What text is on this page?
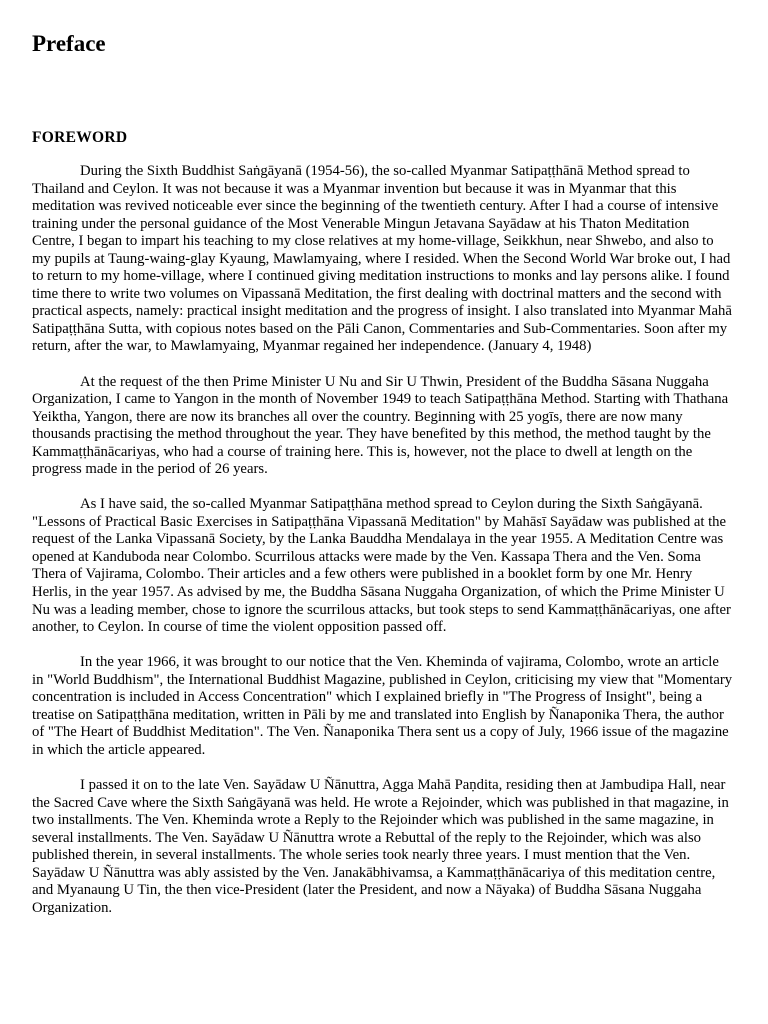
Preface
FOREWORD

During the Sixth Buddhist Saṅgāyanā (1954-56), the so-called Myanmar Satipaṭṭhānā Method spread to Thailand and Ceylon. It was not because it was a Myanmar invention but because it was in Myanmar that this meditation was revived noticeable ever since the beginning of the twentieth century. After I had a course of intensive training under the personal guidance of the Most Venerable Mingun Jetavana Sayādaw at his Thaton Meditation Centre, I began to impart his teaching to my close relatives at my home-village, Seikkhun, near Shwebo, and also to my pupils at Taung-waing-glay Kyaung, Mawlamyaing, where I resided. When the Second World War broke out, I had to return to my home-village, where I continued giving meditation instructions to monks and lay persons alike. I found time there to write two volumes on Vipassanā Meditation, the first dealing with doctrinal matters and the second with practical aspects, namely: practical insight meditation and the progress of insight. I also translated into Myanmar Mahā Satipaṭṭhāna Sutta, with copious notes based on the Pāli Canon, Commentaries and Sub-Commentaries. Soon after my return, after the war, to Mawlamyaing, Myanmar regained her independence. (January 4, 1948)

At the request of the then Prime Minister U Nu and Sir U Thwin, President of the Buddha Sāsana Nuggaha Organization, I came to Yangon in the month of November 1949 to teach Satipaṭṭhāna Method. Starting with Thathana Yeiktha, Yangon, there are now its branches all over the country. Beginning with 25 yogīs, there are now many thousands practising the method throughout the year. They have benefited by this method, the method taught by the Kammaṭṭhānācariyas, who had a course of training here. This is, however, not the place to dwell at length on the progress made in the period of 26 years.

As I have said, the so-called Myanmar Satipaṭṭhāna method spread to Ceylon during the Sixth Saṅgāyanā. "Lessons of Practical Basic Exercises in Satipaṭṭhāna Vipassanā Meditation" by Mahāsī Sayādaw was published at the request of the Lanka Vipassanā Society, by the Lanka Bauddha Mendalaya in the year 1955. A Meditation Centre was opened at Kanduboda near Colombo. Scurrilous attacks were made by the Ven. Kassapa Thera and the Ven. Soma Thera of Vajirama, Colombo. Their articles and a few others were published in a booklet form by one Mr. Henry Herlis, in the year 1957. As advised by me, the Buddha Sāsana Nuggaha Organization, of which the Prime Minister U Nu was a leading member, chose to ignore the scurrilous attacks, but took steps to send Kammaṭṭhānācariyas, one after another, to Ceylon. In course of time the violent opposition passed off.

In the year 1966, it was brought to our notice that the Ven. Kheminda of vajirama, Colombo, wrote an article in "World Buddhism", the International Buddhist Magazine, published in Ceylon, criticising my view that "Momentary concentration is included in Access Concentration" which I explained briefly in "The Progress of Insight", being a treatise on Satipaṭṭhāna meditation, written in Pāli by me and translated into English by Ñanaponika Thera, the author of "The Heart of Buddhist Meditation". The Ven. Ñanaponika Thera sent us a copy of July, 1966 issue of the magazine in which the article appeared.

I passed it on to the late Ven. Sayādaw U Ñānuttra, Agga Mahā Paṇdita, residing then at Jambudipa Hall, near the Sacred Cave where the Sixth Saṅgāyanā was held. He wrote a Rejoinder, which was published in that magazine, in two installments. The Ven. Kheminda wrote a Reply to the Rejoinder which was published in the same magazine, in several installments. The Ven. Sayādaw U Ñānuttra wrote a Rebuttal of the reply to the Rejoinder, which was also published therein, in several installments. The whole series took nearly three years. I must mention that the Ven. Sayādaw U Ñānuttra was ably assisted by the Ven. Janakābhivamsa, a Kammaṭṭhānācariya of this meditation centre, and Myanaung U Tin, the then vice-President (later the President, and now a Nāyaka) of Buddha Sāsana Nuggaha Organization.
